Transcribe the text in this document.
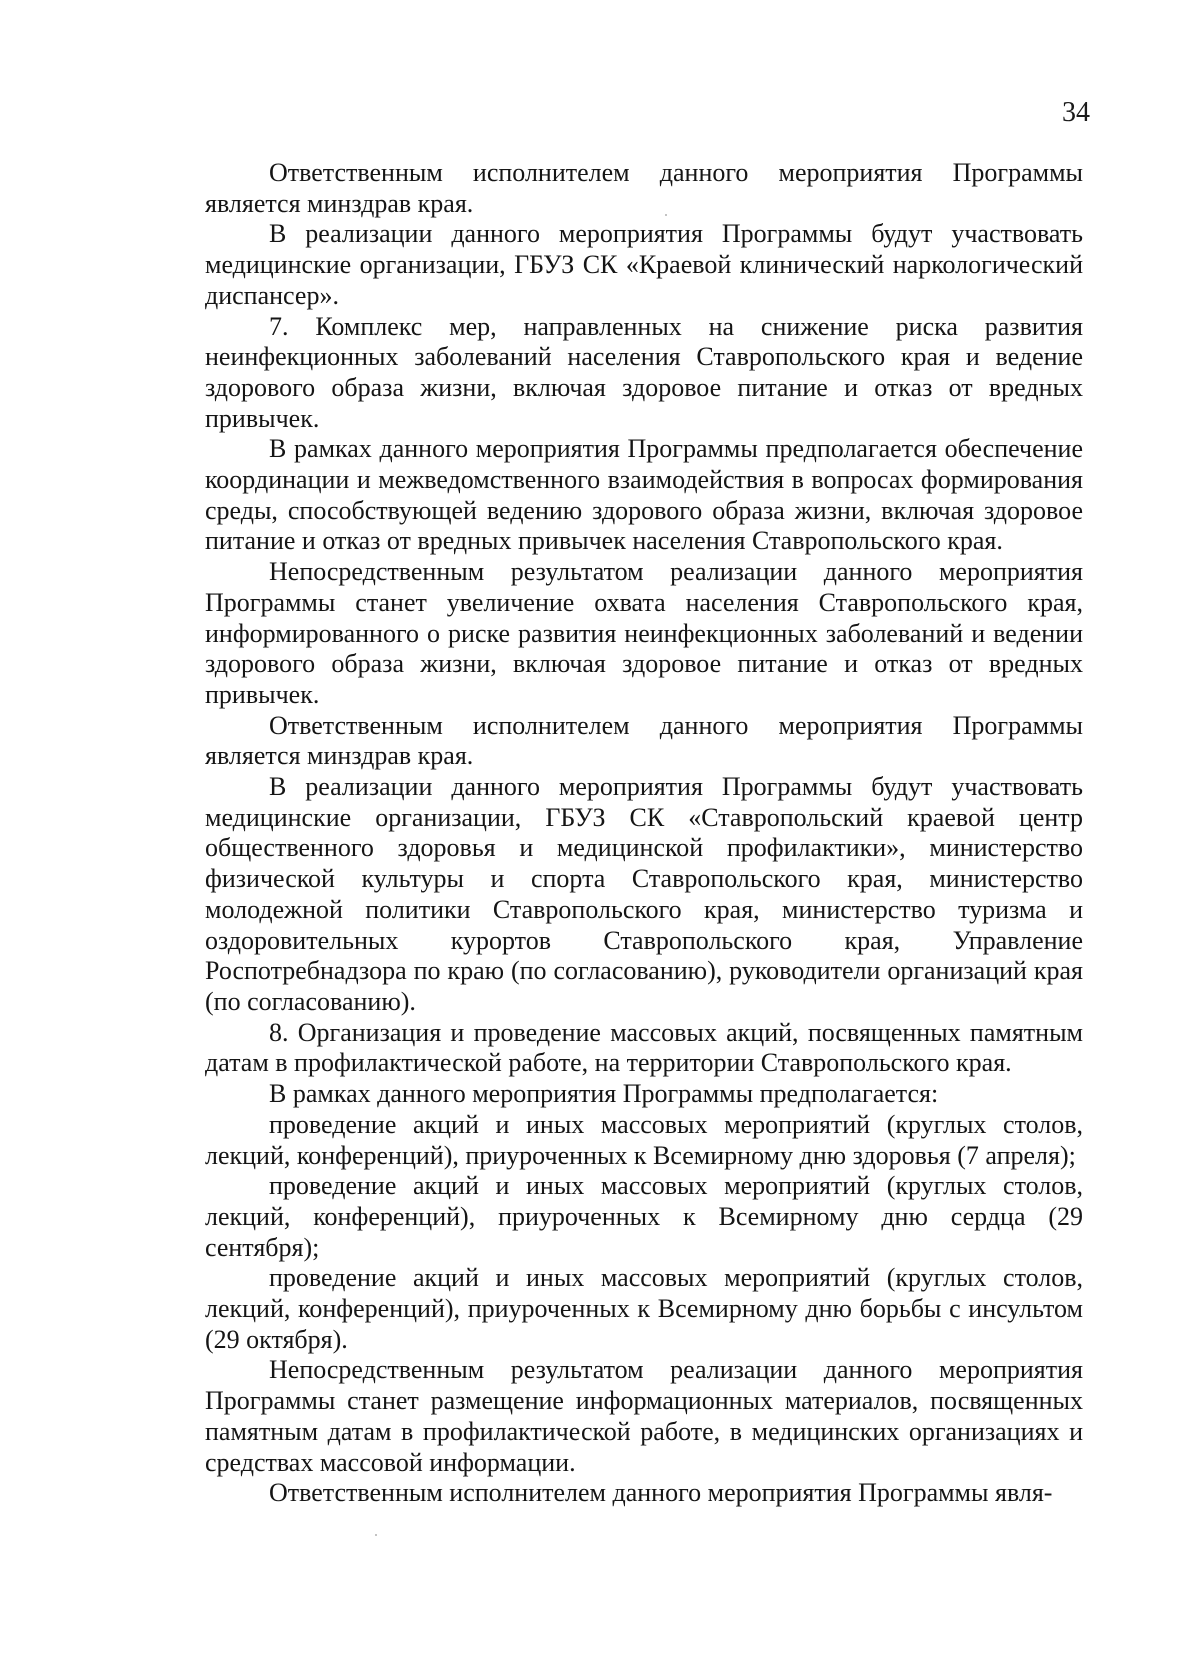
34

Ответственным исполнителем данного мероприятия Программы является минздрав края.

В реализации данного мероприятия Программы будут участвовать медицинские организации, ГБУЗ СК «Краевой клинический наркологический диспансер».

7. Комплекс мер, направленных на снижение риска развития неинфекционных заболеваний населения Ставропольского края и ведение здорового образа жизни, включая здоровое питание и отказ от вредных привычек.

В рамках данного мероприятия Программы предполагается обеспечение координации и межведомственного взаимодействия в вопросах формирования среды, способствующей ведению здорового образа жизни, включая здоровое питание и отказ от вредных привычек населения Ставропольского края.

Непосредственным результатом реализации данного мероприятия Программы станет увеличение охвата населения Ставропольского края, информированного о риске развития неинфекционных заболеваний и ведении здорового образа жизни, включая здоровое питание и отказ от вредных привычек.

Ответственным исполнителем данного мероприятия Программы является минздрав края.

В реализации данного мероприятия Программы будут участвовать медицинские организации, ГБУЗ СК «Ставропольский краевой центр общественного здоровья и медицинской профилактики», министерство физической культуры и спорта Ставропольского края, министерство молодежной политики Ставропольского края, министерство туризма и оздоровительных курортов Ставропольского края, Управление Роспотребнадзора по краю (по согласованию), руководители организаций края (по согласованию).

8. Организация и проведение массовых акций, посвященных памятным датам в профилактической работе, на территории Ставропольского края.

В рамках данного мероприятия Программы предполагается:

проведение акций и иных массовых мероприятий (круглых столов, лекций, конференций), приуроченных к Всемирному дню здоровья (7 апреля);

проведение акций и иных массовых мероприятий (круглых столов, лекций, конференций), приуроченных к Всемирному дню сердца (29 сентября);

проведение акций и иных массовых мероприятий (круглых столов, лекций, конференций), приуроченных к Всемирному дню борьбы с инсультом (29 октября).

Непосредственным результатом реализации данного мероприятия Программы станет размещение информационных материалов, посвященных памятным датам в профилактической работе, в медицинских организациях и средствах массовой информации.

Ответственным исполнителем данного мероприятия Программы явля-
